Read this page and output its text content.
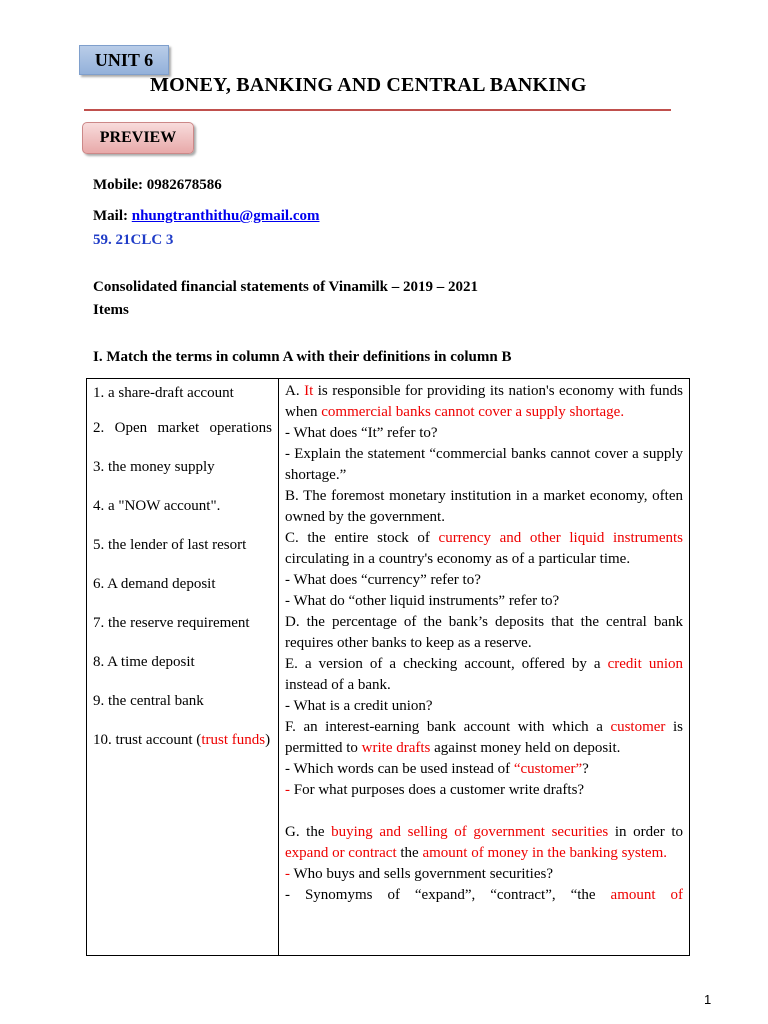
UNIT 6
MONEY, BANKING AND CENTRAL BANKING
PREVIEW
Mobile: 0982678586
Mail: nhungtranthithu@gmail.com
59. 21CLC 3
Consolidated financial statements of Vinamilk – 2019 – 2021
Items
I. Match the terms in column A with their definitions in column B
1. a share-draft account
2. Open market operations
3. the money supply
4. a "NOW account".
5. the lender of last resort
6. A demand deposit
7. the reserve requirement
8. A time deposit
9. the central bank
10. trust account (trust funds)

A. It is responsible for providing its nation's economy with funds when commercial banks cannot cover a supply shortage.
- What does “It” refer to?
- Explain the statement “commercial banks cannot cover a supply shortage.”
B. The foremost monetary institution in a market economy, often owned by the government.
C. the entire stock of currency and other liquid instruments circulating in a country's economy as of a particular time.
- What does “currency” refer to?
- What do “other liquid instruments” refer to?
D. the percentage of the bank’s deposits that the central bank requires other banks to keep as a reserve.
E. a version of a checking account, offered by a credit union instead of a bank.
- What is a credit union?
F. an interest-earning bank account with which a customer is permitted to write drafts against money held on deposit.
- Which words can be used instead of “customer”?
- For what purposes does a customer write drafts?
G. the buying and selling of government securities in order to expand or contract the amount of money in the banking system.
- Who buys and sells government securities?
- Synomyms of “expand”, “contract”, “the amount of
1
